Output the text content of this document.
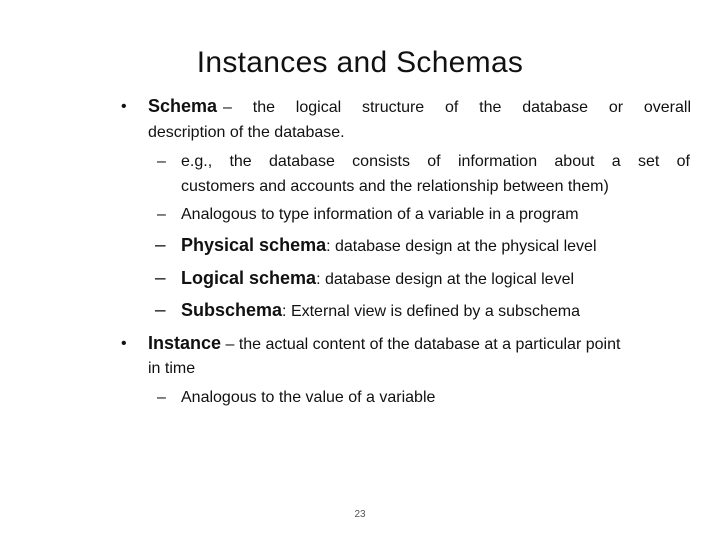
Instances and Schemas
• Schema – the logical structure of the database or overall
description of the database.
– e.g., the database consists of information about a set of
customers and accounts and the relationship between them)
– Analogous to type information of a variable in a program
– Physical schema: database design at the physical level
– Logical schema: database design at the logical level
– Subschema: External view is defined by a subschema
• Instance – the actual content of the database at a particular point
in time
– Analogous to the value of a variable
23
